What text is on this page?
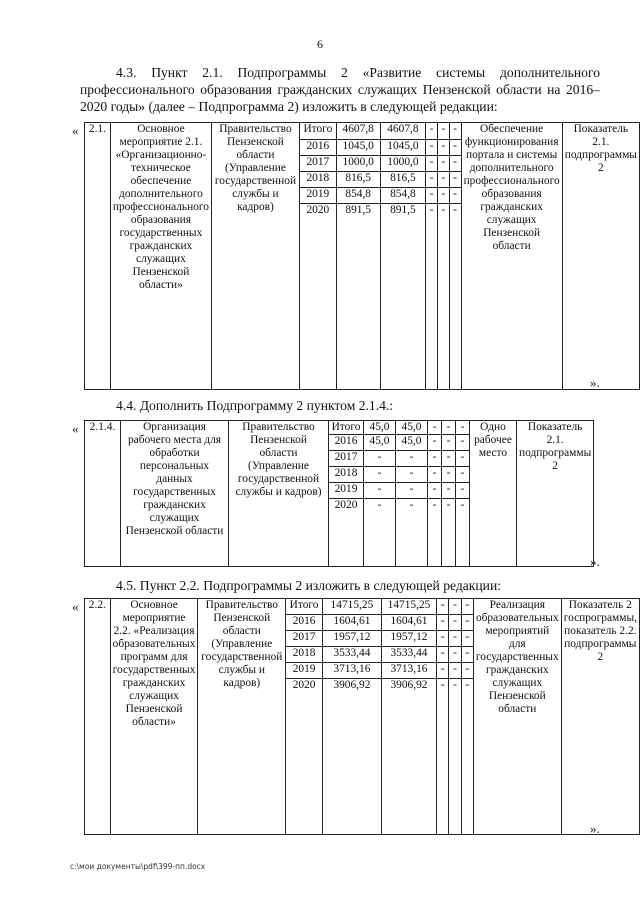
6
4.3. Пункт 2.1. Подпрограммы 2 «Развитие системы дополнительного профессионального образования гражданских служащих Пензенской области на 2016–2020 годы» (далее – Подпрограмма 2) изложить в следующей редакции:
«
».
2.1.	Основное мероприятие 2.1. «Организационно-техническое обеспечение дополнительного профессионального образования государственных гражданских служащих Пензенской области»	Правительство Пензенской области (Управление государственной службы и кадров)	Итого	4607,8	4607,8	-	-	-	Обеспечение функционирования портала и системы дополнительного профессионального образования гражданских служащих Пензенской области	Показатель 2.1. подпрограммы 2
			2016	1045,0	1045,0	-	-	-		
			2017	1000,0	1000,0	-	-	-		
			2018	816,5	816,5	-	-	-		
			2019	854,8	854,8	-	-	-		
			2020	891,5	891,5	-	-	-		
4.4. Дополнить Подпрограмму 2 пунктом 2.1.4.:
«
».
2.1.4.	Организация рабочего места для обработки персональных данных государственных гражданских служащих Пензенской области	Правительство Пензенской области (Управление государственной службы и кадров)	Итого	45,0	45,0	-	-	-	Одно рабочее место	Показатель 2.1. подпрограммы 2
			2016	45,0	45,0	-	-	-		
			2017	-	-	-	-	-		
			2018	-	-	-	-	-		
			2019	-	-	-	-	-		
			2020	-	-	-	-	-		
4.5. Пункт 2.2. Подпрограммы 2 изложить в следующей редакции:
«
».
2.2.	Основное мероприятие 2.2. «Реализация образовательных программ для государственных гражданских служащих Пензенской области»	Правительство Пензенской области (Управление государственной службы и кадров)	Итого	14715,25	14715,25	-	-	-	Реализация образовательных мероприятий для государственных гражданских служащих Пензенской области	Показатель 2 госпрограммы, показатель 2.2. подпрограммы 2
			2016	1604,61	1604,61	-	-	-		
			2017	1957,12	1957,12	-	-	-		
			2018	3533,44	3533,44	-	-	-		
			2019	3713,16	3713,16	-	-	-		
			2020	3906,92	3906,92	-	-	-		
c:\мои документы\pdf\399-пп.docx
